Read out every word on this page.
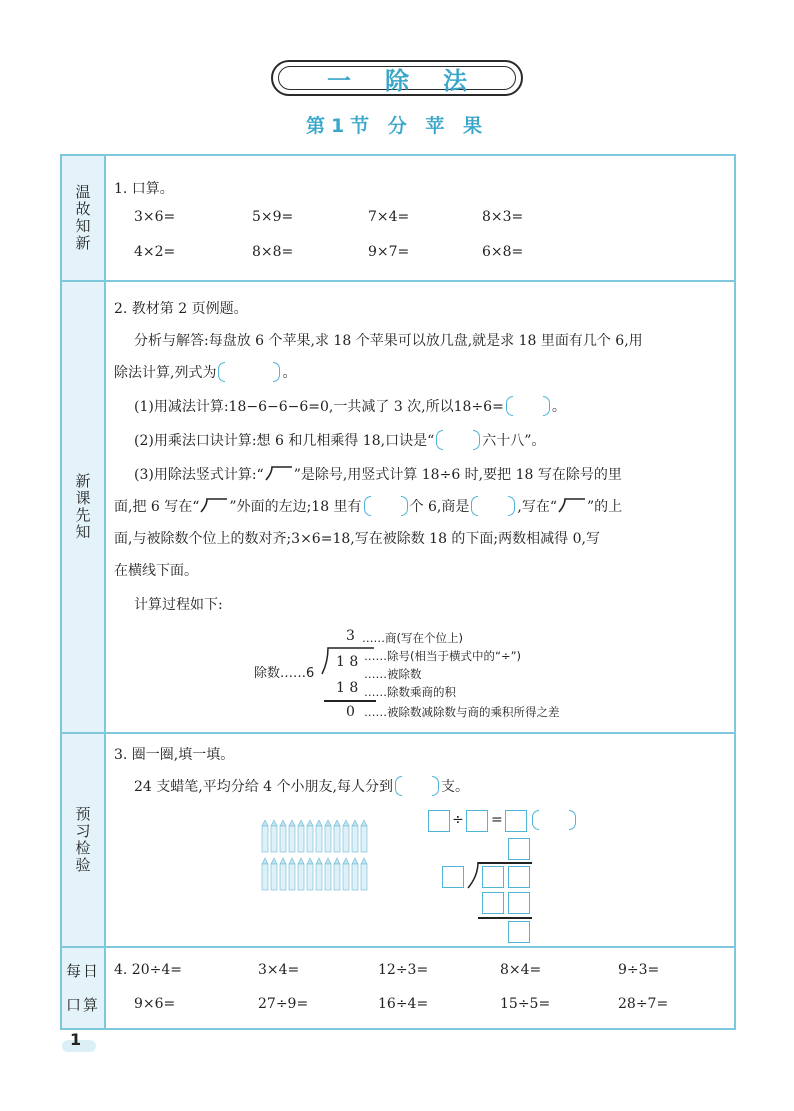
一除法
第1节 分 苹 果
温故知新 1. 口算。
3×6=	5×9=	7×4=	8×3=
4×2=	8×8=	9×7=	6×8=
新课先知
2. 教材第 2 页例题。
分析与解答:每盘放 6 个苹果,求 18 个苹果可以放几盘,就是求 18 里面有几个 6,用
除法计算,列式为	。
(1)用减法计算:18−6−6−6=0,一共减了 3 次,所以18÷6=	。
(2)用乘法口诀计算:想 6 和几相乘得 18,口诀是“	六十八”。
(3)用除法竖式计算:“ ”是除号,用竖式计算 18÷6 时,要把 18 写在除号的里
面,把 6 写在“ ”外面的左边;18 里有	个 6,商是	,写在“ ”的上
面,与被除数个位上的数对齐;3×6=18,写在被除数 18 的下面;两数相减得 0,写
在横线下面。
计算过程如下:
3
除数……6
1 8
1 8
0
……商(写在个位上)
……除号(相当于横式中的“÷”)
……被除数
……除数乘商的积
……被除数减除数与商的乘积所得之差
预习检验
3. 圈一圈,填一填。
24 支蜡笔,平均分给 4 个小朋友,每人分到	支。
÷ =
每日口算
4. 20÷4=	3×4=	12÷3=	8×4=	9÷3=
9×6=	27÷9=	16÷4=	15÷5=	28÷7=
1
